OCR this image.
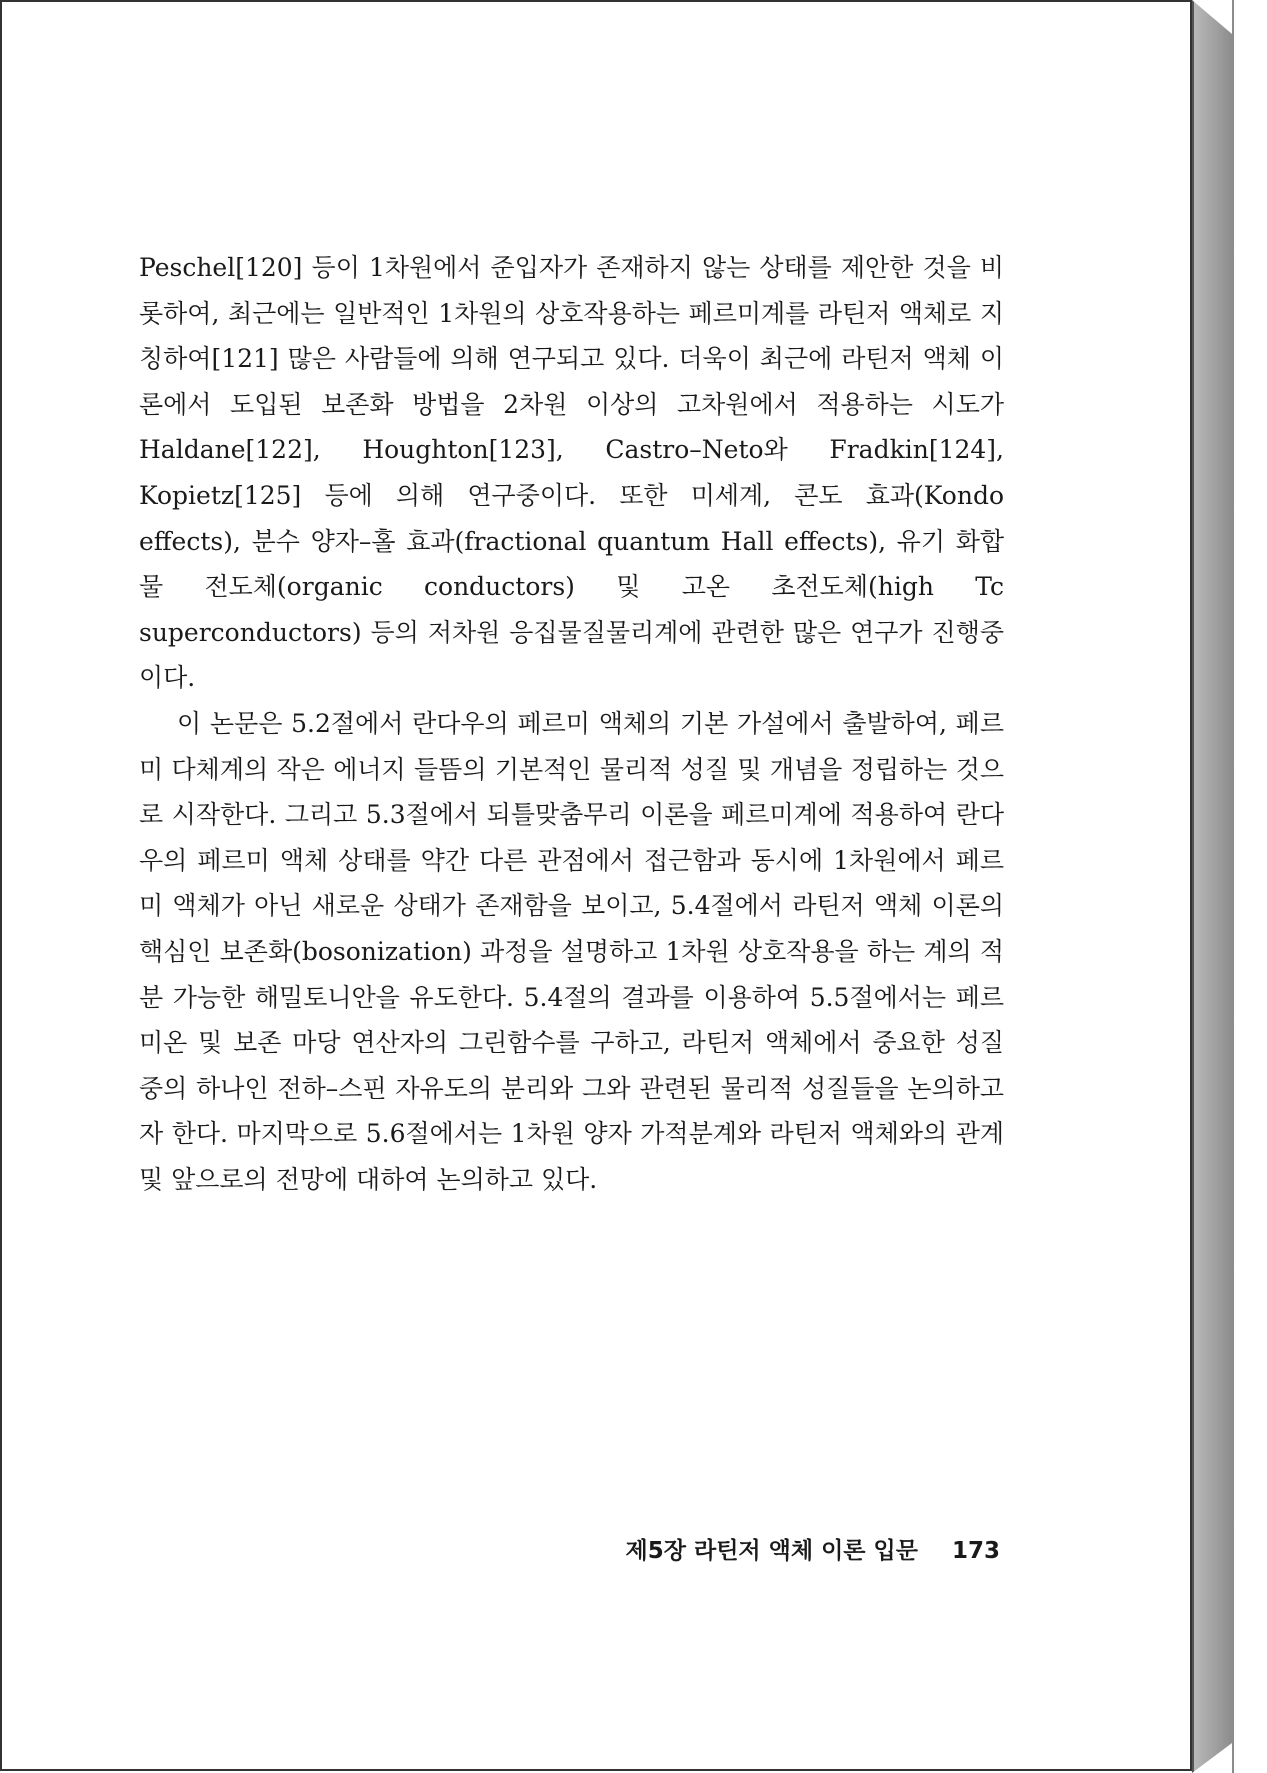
Peschel[120] 등이 1차원에서 준입자가 존재하지 않는 상태를 제안한 것을 비롯하여, 최근에는 일반적인 1차원의 상호작용하는 페르미계를 라틴저 액체로 지칭하여[121] 많은 사람들에 의해 연구되고 있다. 더욱이 최근에 라틴저 액체 이론에서 도입된 보존화 방법을 2차원 이상의 고차원에서 적용하는 시도가 Haldane[122], Houghton[123], Castro–Neto와 Fradkin[124], Kopietz[125] 등에 의해 연구중이다. 또한 미세계, 콘도 효과(Kondo effects), 분수 양자–홀 효과(fractional quantum Hall effects), 유기 화합물 전도체(organic conductors) 및 고온 초전도체(high Tc superconductors) 등의 저차원 응집물질물리계에 관련한 많은 연구가 진행중이다.

이 논문은 5.2절에서 란다우의 페르미 액체의 기본 가설에서 출발하여, 페르미 다체계의 작은 에너지 들뜸의 기본적인 물리적 성질 및 개념을 정립하는 것으로 시작한다. 그리고 5.3절에서 되틀맞춤무리 이론을 페르미계에 적용하여 란다우의 페르미 액체 상태를 약간 다른 관점에서 접근함과 동시에 1차원에서 페르미 액체가 아닌 새로운 상태가 존재함을 보이고, 5.4절에서 라틴저 액체 이론의 핵심인 보존화(bosonization) 과정을 설명하고 1차원 상호작용을 하는 계의 적분 가능한 해밀토니안을 유도한다. 5.4절의 결과를 이용하여 5.5절에서는 페르미온 및 보존 마당 연산자의 그린함수를 구하고, 라틴저 액체에서 중요한 성질 중의 하나인 전하–스핀 자유도의 분리와 그와 관련된 물리적 성질들을 논의하고자 한다. 마지막으로 5.6절에서는 1차원 양자 가적분계와 라틴저 액체와의 관계 및 앞으로의 전망에 대하여 논의하고 있다.

제5장 라틴저 액체 이론 입문 173
